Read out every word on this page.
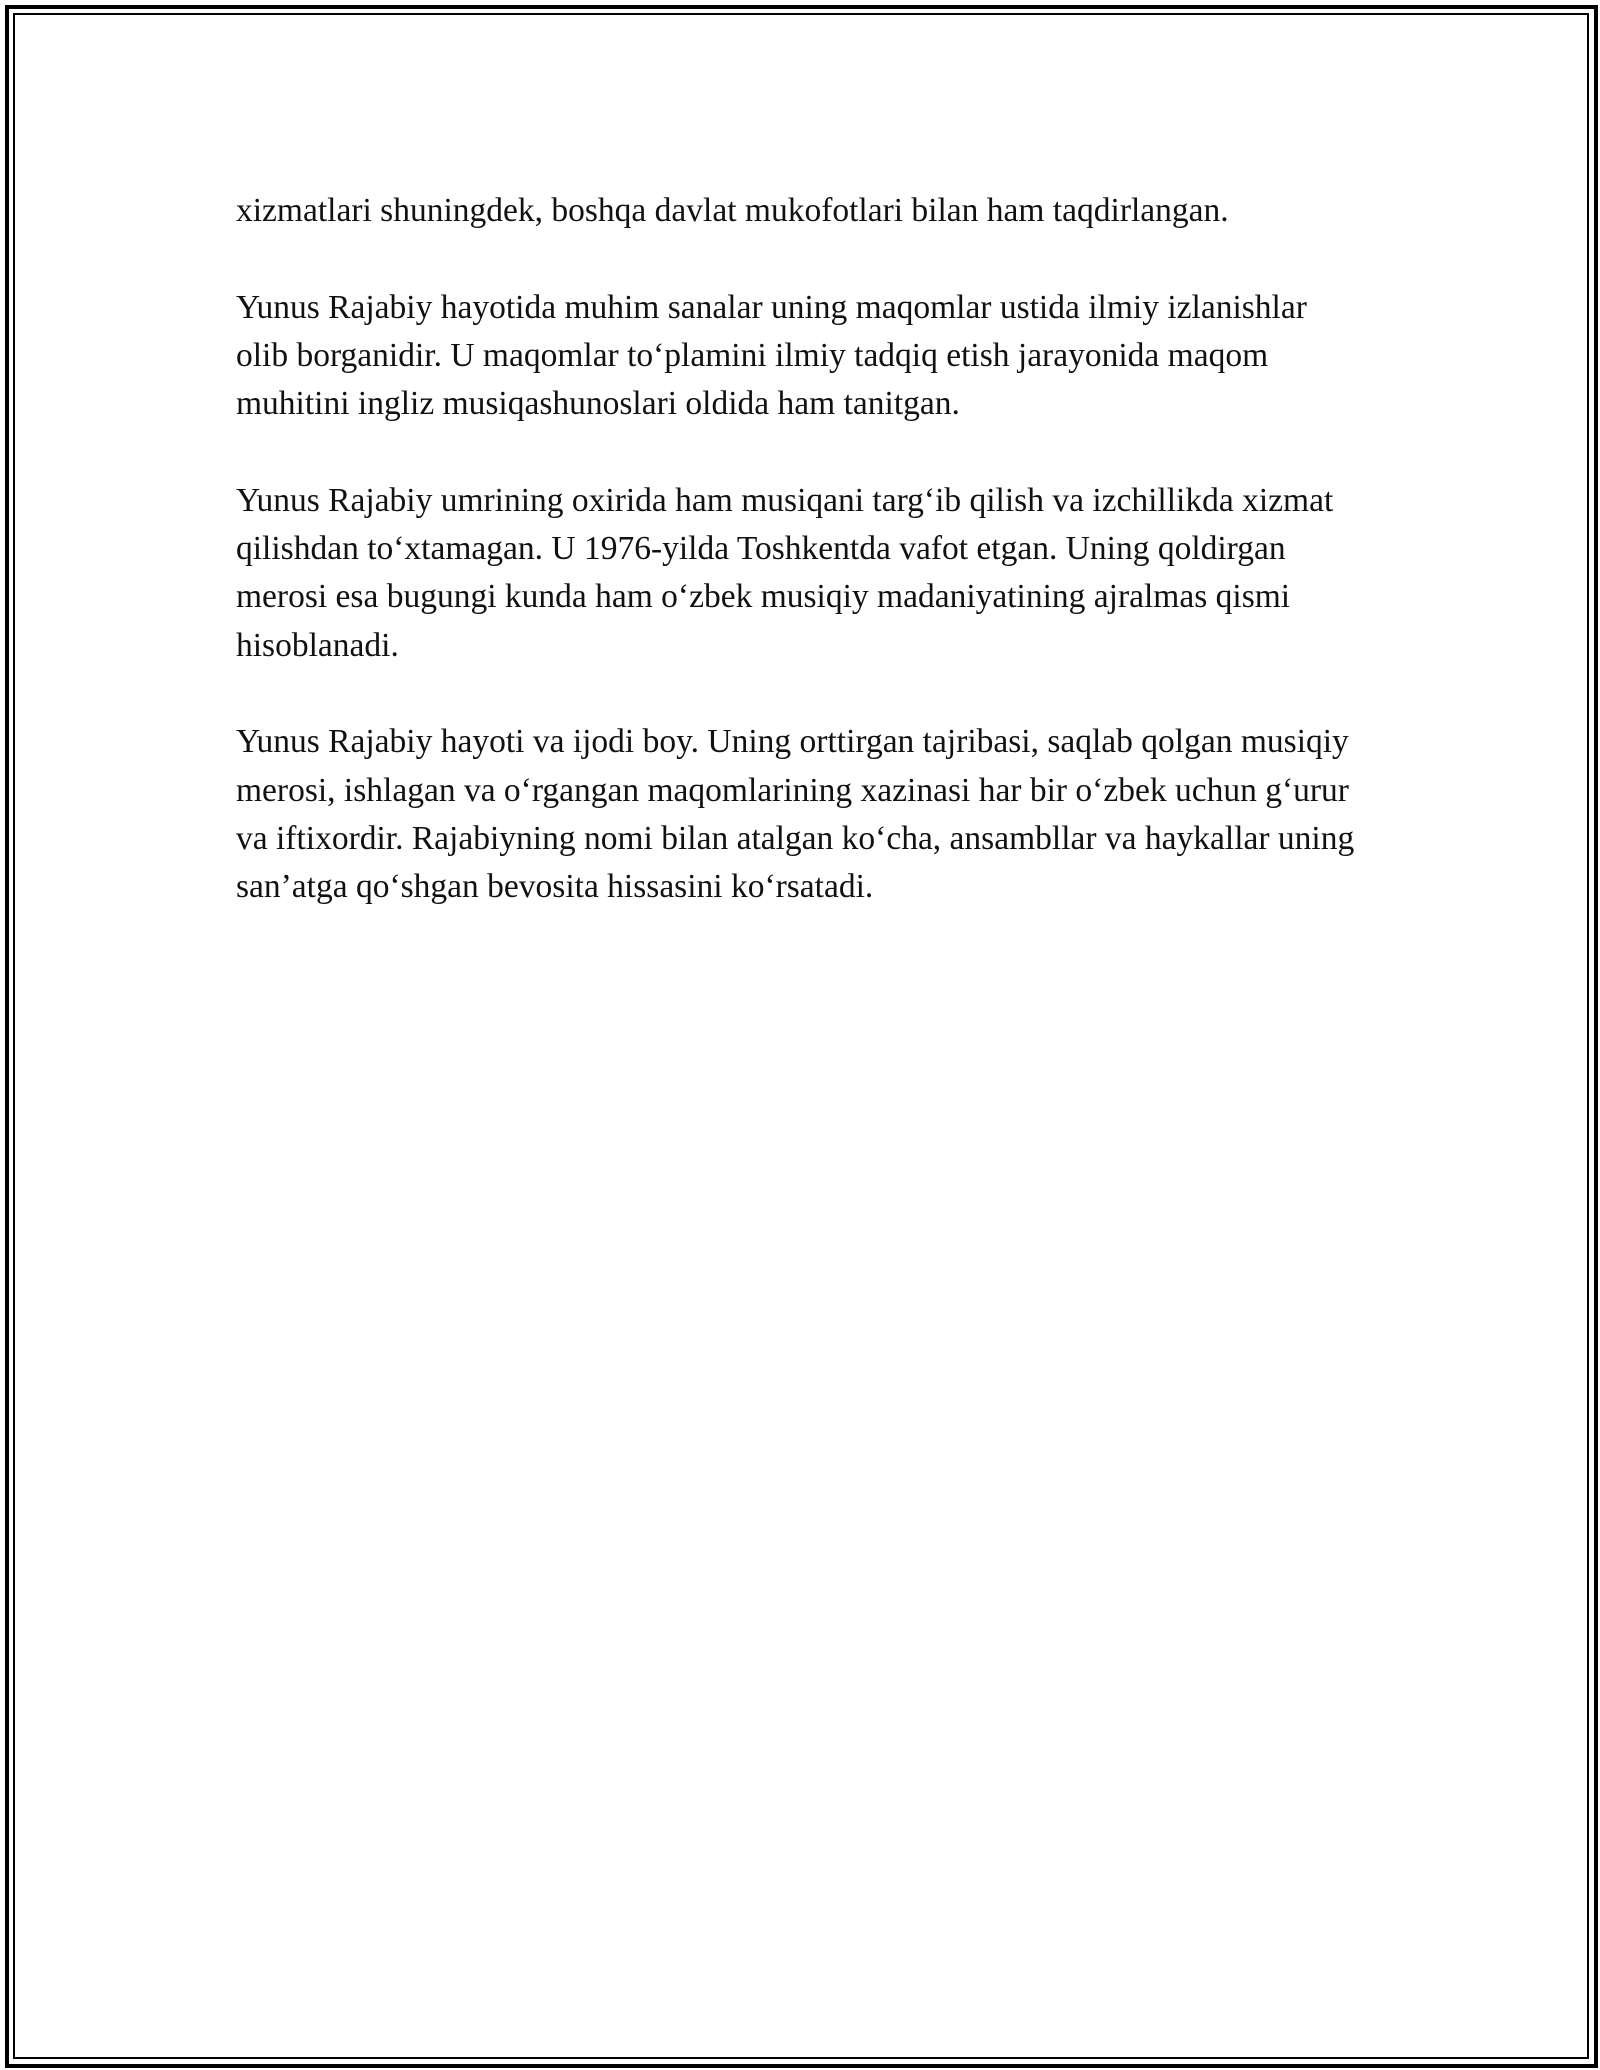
xizmatlari shuningdek, boshqa davlat mukofotlari bilan ham taqdirlangan.

Yunus Rajabiy hayotida muhim sanalar uning maqomlar ustida ilmiy izlanishlar olib borganidir. U maqomlar to‘plamini ilmiy tadqiq etish jarayonida maqom muhitini ingliz musiqashunoslari oldida ham tanitgan.

Yunus Rajabiy umrining oxirida ham musiqani targ‘ib qilish va izchillikda xizmat qilishdan to‘xtamagan. U 1976-yilda Toshkentda vafot etgan. Uning qoldirgan merosi esa bugungi kunda ham o‘zbek musiqiy madaniyatining ajralmas qismi hisoblanadi.

Yunus Rajabiy hayoti va ijodi boy. Uning orttirgan tajribasi, saqlab qolgan musiqiy merosi, ishlagan va o‘rgangan maqomlarining xazinasi har bir o‘zbek uchun g‘urur va iftixordir. Rajabiyning nomi bilan atalgan ko‘cha, ansambllar va haykallar uning san’atga qo‘shgan bevosita hissasini ko‘rsatadi.
